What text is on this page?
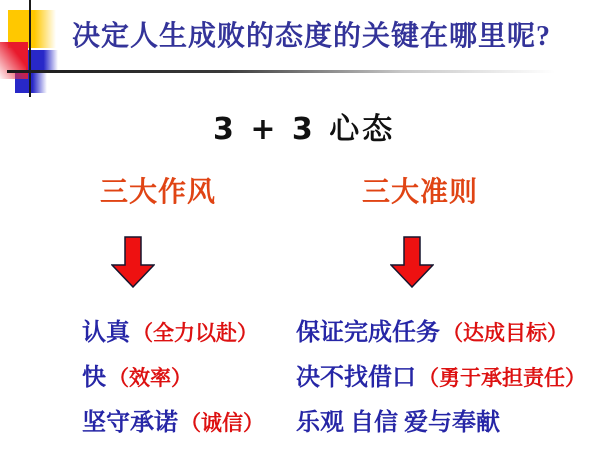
决定人生成败的态度的关键在哪里呢?
3 + 3 心态
三大作风	三大准则
认真（全力以赴）
快（效率）
坚守承诺（诚信）
保证完成任务（达成目标）
决不找借口（勇于承担责任）
乐观 自信 爱与奉献
